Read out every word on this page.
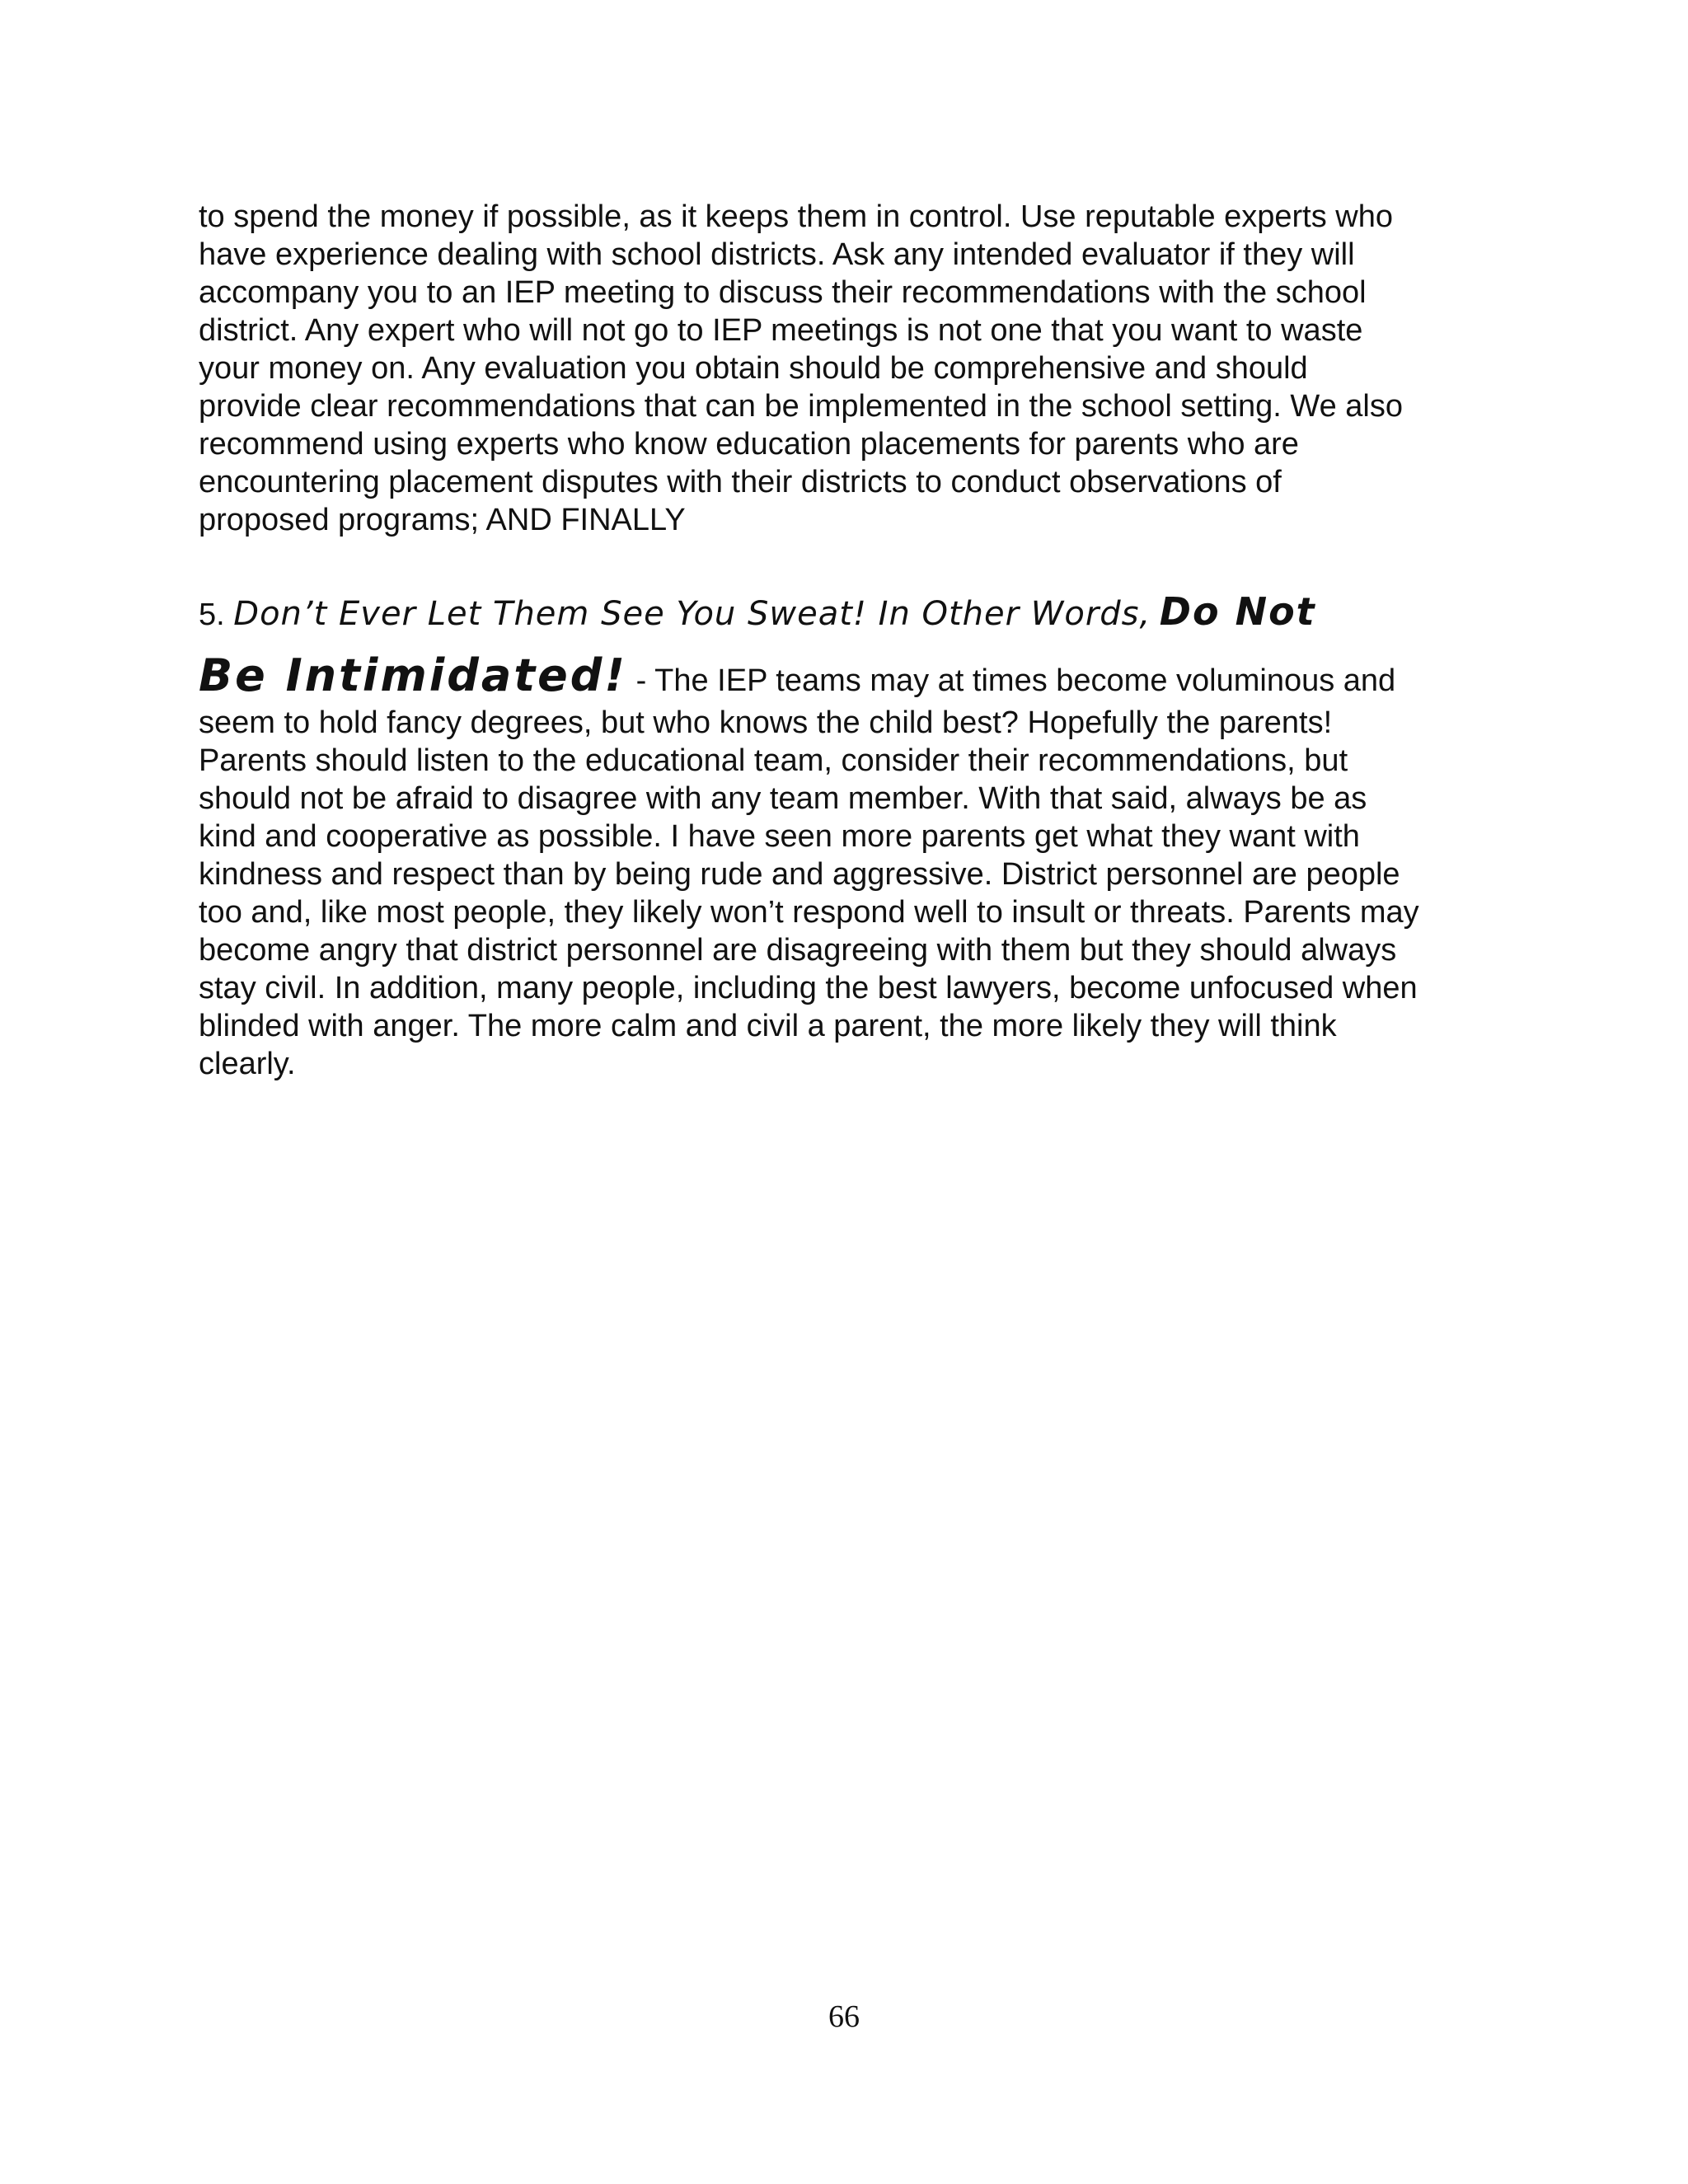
to spend the money if possible, as it keeps them in control. Use reputable experts who
have experience dealing with school districts. Ask any intended evaluator if they will
accompany you to an IEP meeting to discuss their recommendations with the school
district. Any expert who will not go to IEP meetings is not one that you want to waste
your money on. Any evaluation you obtain should be comprehensive and should
provide clear recommendations that can be implemented in the school setting. We also
recommend using experts who know education placements for parents who are
encountering placement disputes with their districts to conduct observations of
proposed programs; AND FINALLY

5. Don’t Ever Let Them See You Sweat! In Other Words, Do Not

Be Intimidated! - The IEP teams may at times become voluminous and

seem to hold fancy degrees, but who knows the child best? Hopefully the parents!
Parents should listen to the educational team, consider their recommendations, but
should not be afraid to disagree with any team member. With that said, always be as
kind and cooperative as possible. I have seen more parents get what they want with
kindness and respect than by being rude and aggressive. District personnel are people
too and, like most people, they likely won’t respond well to insult or threats. Parents may
become angry that district personnel are disagreeing with them but they should always
stay civil. In addition, many people, including the best lawyers, become unfocused when
blinded with anger. The more calm and civil a parent, the more likely they will think
clearly.

66
